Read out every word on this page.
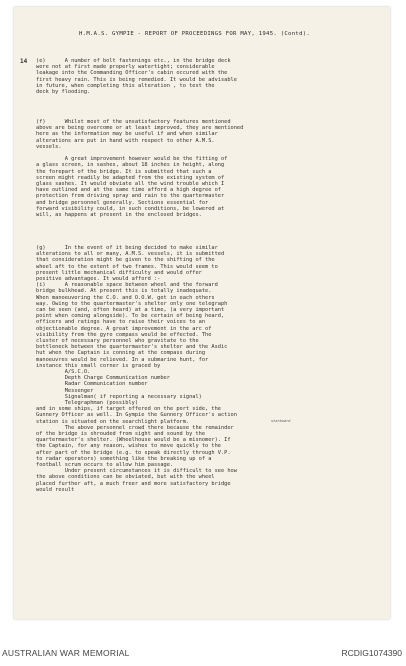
H.M.A.S. GYMPIE - REPORT OF PROCEEDINGS FOR MAY, 1945. (Contd).
14
starboard
(e)      A number of bolt fastenings etc., in the bridge deck
were not at first made properly watertight; considerable
leakage into the Commanding Officer's cabin occured with the
first heavy rain. This is being remedied. It would be advisable
in future, when completing this alteration , to test the
deck by flooding.
(f)      Whilst most of the unsatisfactory features mentioned
above are being overcome or at least improved, they are mentioned
here as the information may be useful if and when similar
alterations are put in hand with respect to other A.M.S.
vessels.
A great improvement however would be the fitting of
a glass screen, in sashes, about 18 inches in height, along
the forepart of the bridge. It is submitted that such a
screen might readily be adapted from the existing system of
glass sashes. It would obviate all the wind trouble which I
have outlined and at the same time afford a high degree of
protection from driving spray and rain to the quartermaster
and bridge personnel generally. Sections essential for
forward visibility could, in such conditions, be lowered at
will, as happens at present in the enclosed bridges.
(g)      In the event of it being decided to make similar
alterations to all or many, A.M.S. vessels, it is submitted
that consideration might be given to the shifting of the
wheel aft to the extent of two frames. This would seem to
present little mechanical difficulty and would offer
positive advantages. It would afford :-
(i)      A reasonable space between wheel and the forward
bridge bulkhead. At present this is totally inadequate.
When manoeuvering the C.O. and O.O.W. get in each others
way. Owing to the quartermaster's shelter only one telegraph
can be seen (and, often heard) at a time, (a very important
point when coming alongside). To be certain of being heard,
officers and ratings have to raise their voices to an
objectionable degree. A great improvement in the arc of
visibility from the gyro compass would be effected. The
cluster of necessary personnel who gravitate to the
bottleneck between the quartermaster's shelter and the Asdic
hut when the Captain is conning at the compass during
manoeuvres would be relieved. In a submarine hunt, for
instance this small corner is graced by
A/S.C.O.
Depth Charge Communication number
Radar Communication number
Messenger
Signalman( if reporting a necessary signal)
Telegraphman (possibly)
and in some ships, if target offered on the port side, the
Gunnery Officer as well. In Gympie the Gunnery Officer's action
station is situated on the searchlight platform.
The above personnel crowd there because the remainder
of the bridge is shrouded from sight and sound by the
quartermaster's shelter. (Wheelhouse would be a misnomer). If
the Captain, for any reason, wishes to move quickly to the
after part of the bridge (e.g. to speak directly through V.P.
to radar operators) something like the breaking up of a
football scrum occurs to allow him passage.
Under present circumstances it is difficult to see how
the above conditions can be obviated, but with the wheel
placed further aft, a much freer and more satisfactory bridge
would result
AUSTRALIAN WAR MEMORIAL	RCDIG1074390
